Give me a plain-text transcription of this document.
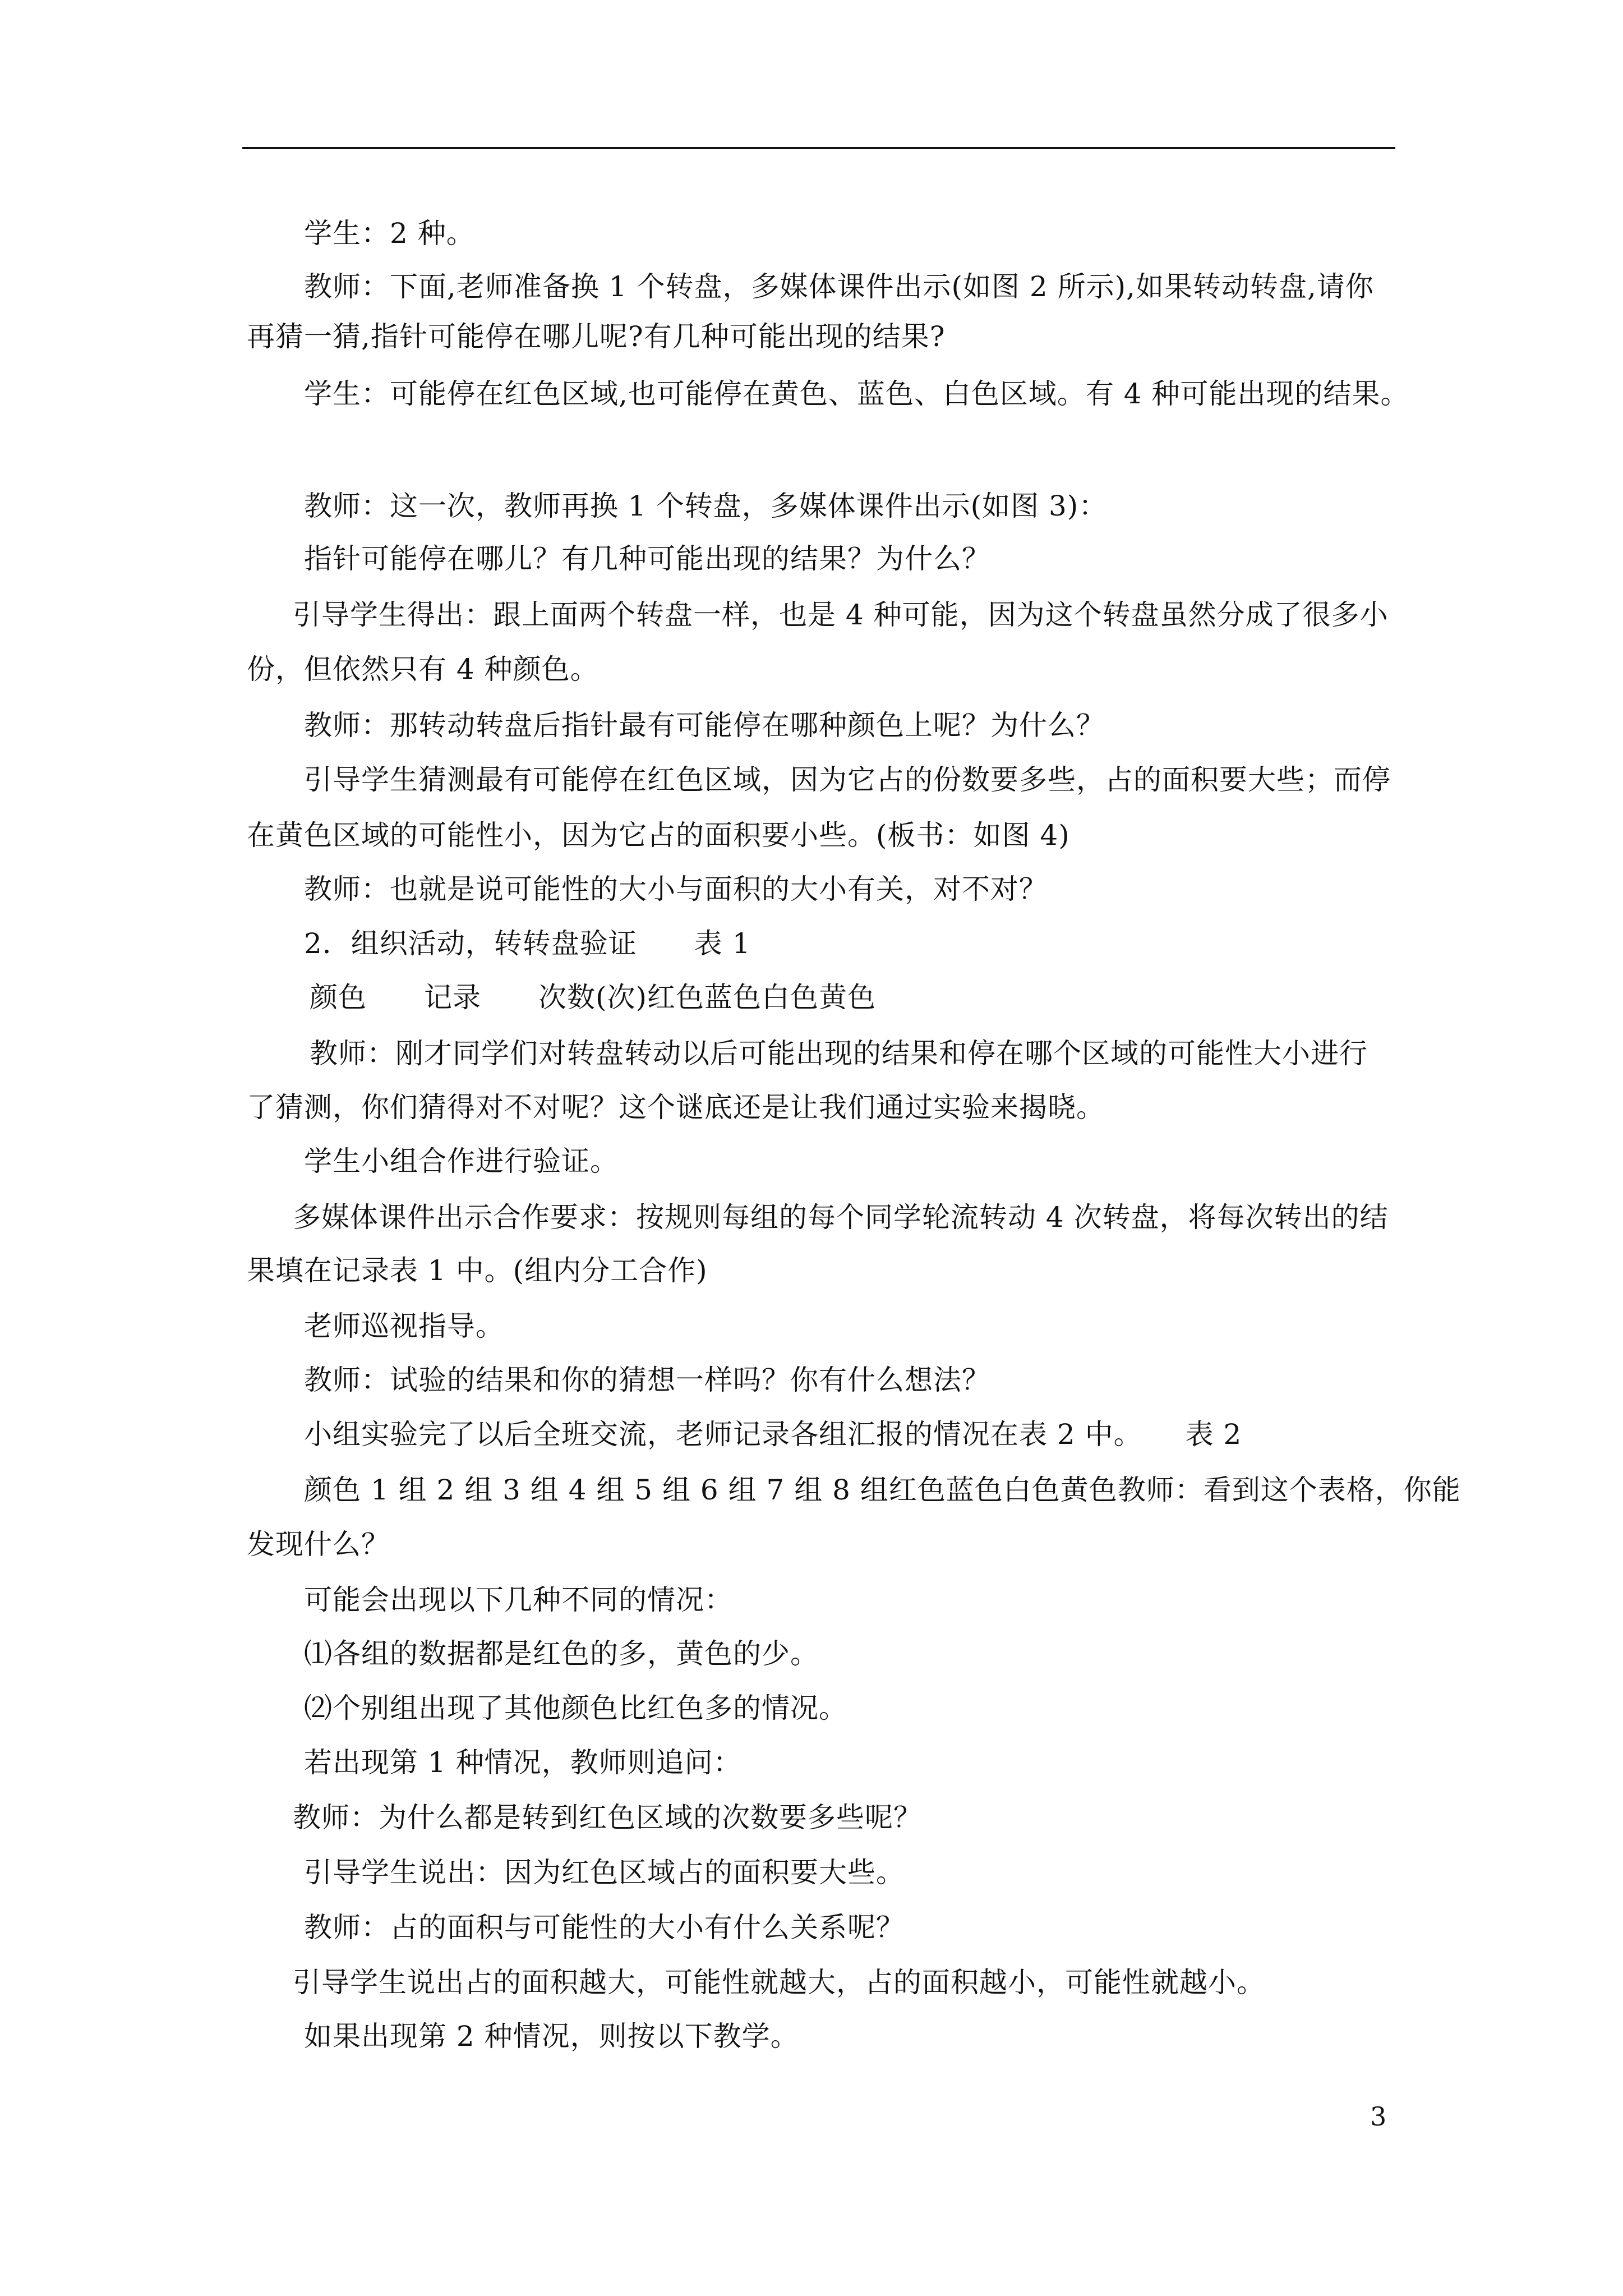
学生：2 种。
教师：下面,老师准备换 1 个转盘，多媒体课件出示(如图 2 所示),如果转动转盘,请你
再猜一猜,指针可能停在哪儿呢?有几种可能出现的结果?
学生：可能停在红色区域,也可能停在黄色、蓝色、白色区域。有 4 种可能出现的结果。
教师：这一次，教师再换 1 个转盘，多媒体课件出示(如图 3)：
指针可能停在哪儿？有几种可能出现的结果？为什么？
引导学生得出：跟上面两个转盘一样，也是 4 种可能，因为这个转盘虽然分成了很多小
份，但依然只有 4 种颜色。
教师：那转动转盘后指针最有可能停在哪种颜色上呢？为什么？
引导学生猜测最有可能停在红色区域，因为它占的份数要多些，占的面积要大些；而停
在黄色区域的可能性小，因为它占的面积要小些。(板书：如图 4)
教师：也就是说可能性的大小与面积的大小有关，对不对？
2．组织活动，转转盘验证　　表 1
颜色　　记录　　次数(次)红色蓝色白色黄色
教师：刚才同学们对转盘转动以后可能出现的结果和停在哪个区域的可能性大小进行
了猜测，你们猜得对不对呢？这个谜底还是让我们通过实验来揭晓。
学生小组合作进行验证。
多媒体课件出示合作要求：按规则每组的每个同学轮流转动 4 次转盘，将每次转出的结
果填在记录表 1 中。(组内分工合作)
老师巡视指导。
教师：试验的结果和你的猜想一样吗？你有什么想法？
小组实验完了以后全班交流，老师记录各组汇报的情况在表 2 中。　　表 2
颜色 1 组 2 组 3 组 4 组 5 组 6 组 7 组 8 组红色蓝色白色黄色教师：看到这个表格，你能
发现什么？
可能会出现以下几种不同的情况：
⑴各组的数据都是红色的多，黄色的少。
⑵个别组出现了其他颜色比红色多的情况。
若出现第 1 种情况，教师则追问：
教师：为什么都是转到红色区域的次数要多些呢？
引导学生说出：因为红色区域占的面积要大些。
教师：占的面积与可能性的大小有什么关系呢？
引导学生说出占的面积越大，可能性就越大，占的面积越小，可能性就越小。
如果出现第 2 种情况，则按以下教学。
3
